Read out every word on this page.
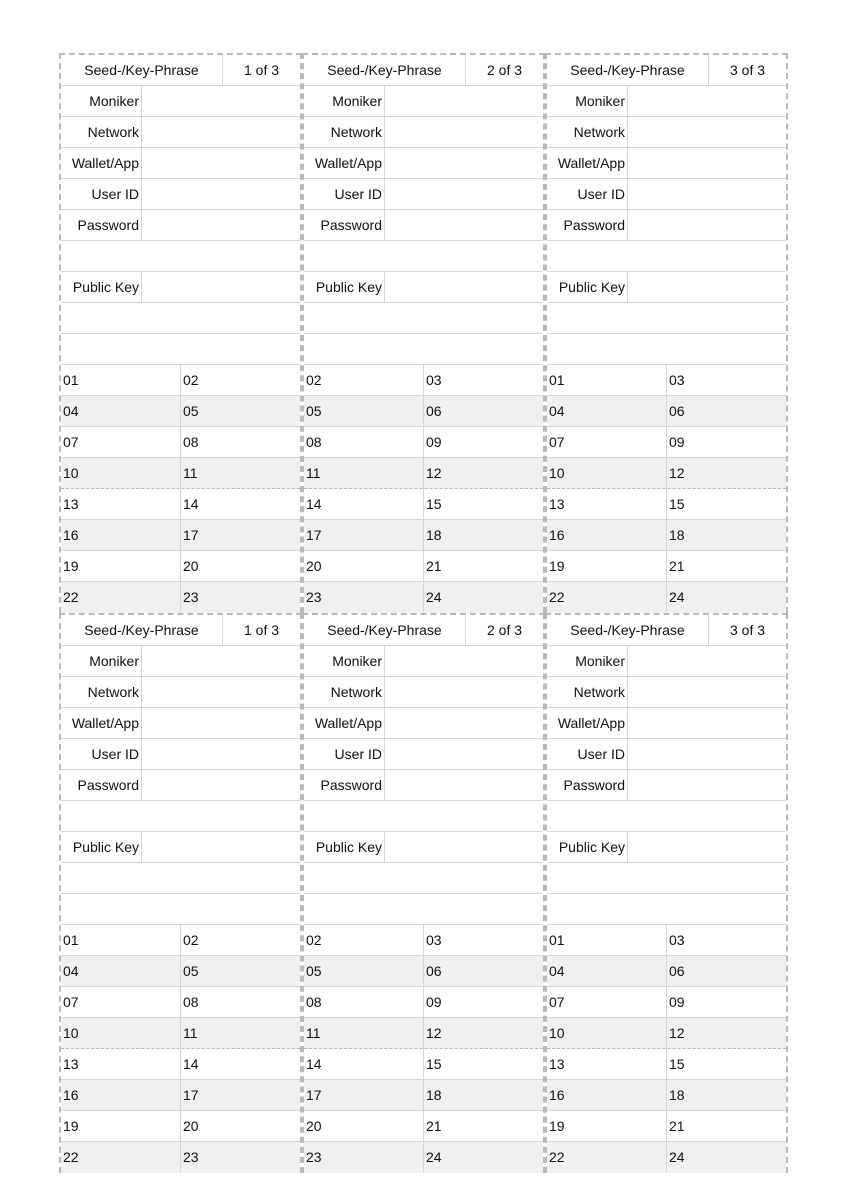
Seed-/Key-Phrase	1 of 3
Moniker
Network
Wallet/App
User ID
Password
Public Key
01	02
04	05
07	08
10	11
13	14
16	17
19	20
22	23
Seed-/Key-Phrase	2 of 3
Moniker
Network
Wallet/App
User ID
Password
Public Key
02	03
05	06
08	09
11	12
14	15
17	18
20	21
23	24
Seed-/Key-Phrase	3 of 3
Moniker
Network
Wallet/App
User ID
Password
Public Key
01	03
04	06
07	09
10	12
13	15
16	18
19	21
22	24
Seed-/Key-Phrase	1 of 3
Moniker
Network
Wallet/App
User ID
Password
Public Key
01	02
04	05
07	08
10	11
13	14
16	17
19	20
22	23
Seed-/Key-Phrase	2 of 3
Moniker
Network
Wallet/App
User ID
Password
Public Key
02	03
05	06
08	09
11	12
14	15
17	18
20	21
23	24
Seed-/Key-Phrase	3 of 3
Moniker
Network
Wallet/App
User ID
Password
Public Key
01	03
04	06
07	09
10	12
13	15
16	18
19	21
22	24
